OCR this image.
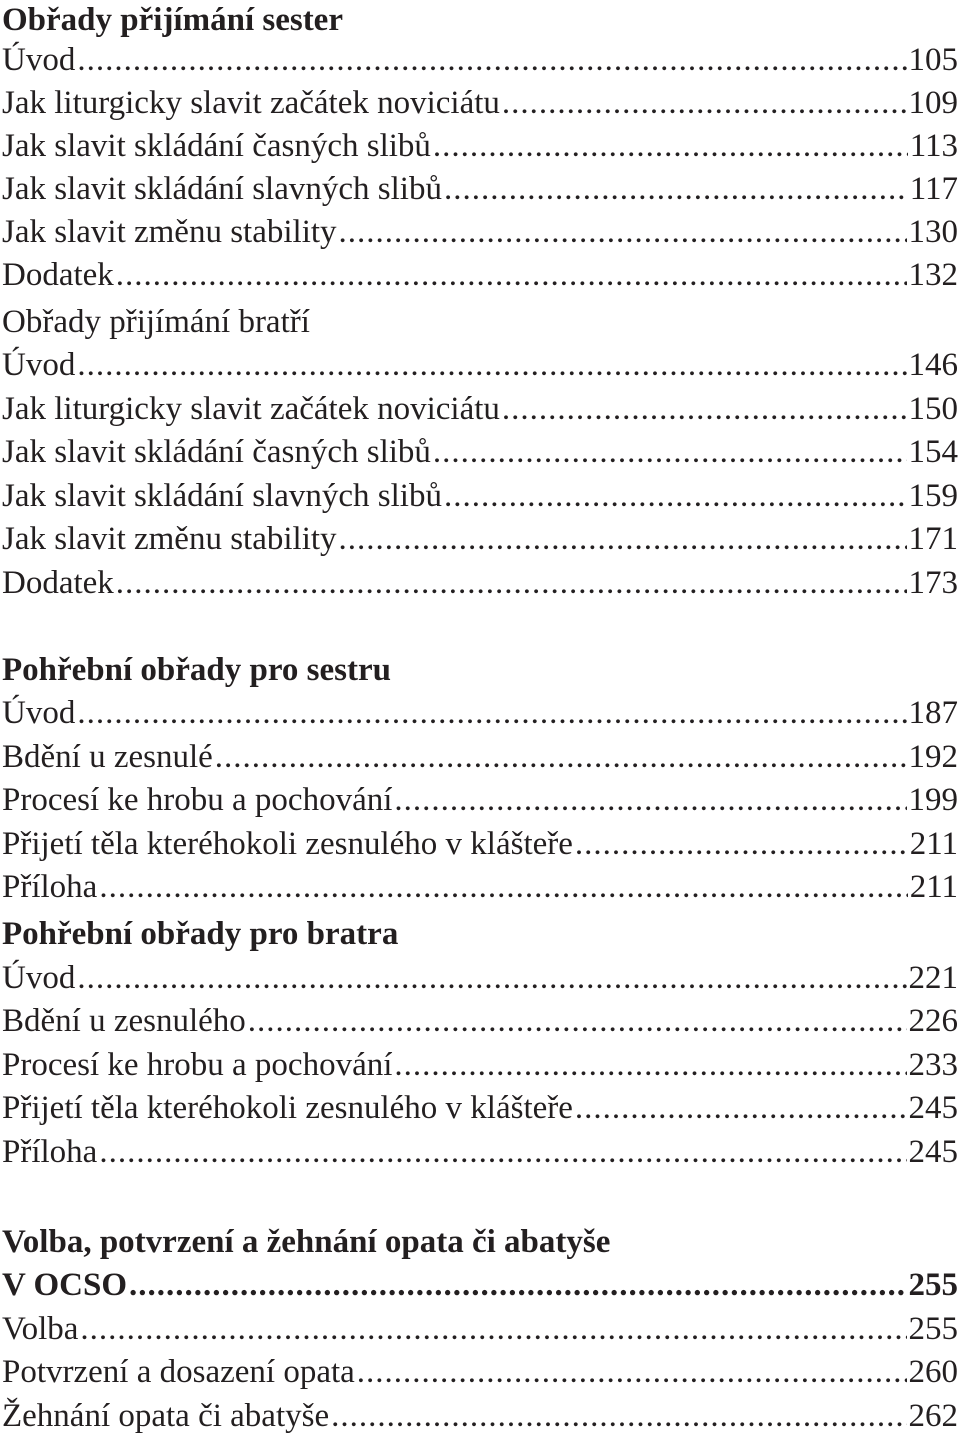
Obřady přijímání sester
Úvod .....	105
Jak liturgicky slavit začátek noviciátu .....	109
Jak slavit skládání časných slibů .....	113
Jak slavit skládání slavných slibů .....	117
Jak slavit změnu stability .....	130
Dodatek .....	132
Obřady přijímání bratří
Úvod .....	146
Jak liturgicky slavit začátek noviciátu .....	150
Jak slavit skládání časných slibů .....	154
Jak slavit skládání slavných slibů .....	159
Jak slavit změnu stability .....	171
Dodatek .....	173
Pohřební obřady pro sestru
Úvod .....	187
Bdění u zesnulé .....	192
Procesí ke hrobu a pochování .....	199
Přijetí těla kteréhokoli zesnulého v klášteře .....	211
Příloha .....	211
Pohřební obřady pro bratra
Úvod .....	221
Bdění u zesnulého .....	226
Procesí ke hrobu a pochování .....	233
Přijetí těla kteréhokoli zesnulého v klášteře .....	245
Příloha .....	245
Volba, potvrzení a žehnání opata či abatyše
V OCSO .....	255
Volba .....	255
Potvrzení a dosazení opata .....	260
Žehnání opata či abatyše .....	262
